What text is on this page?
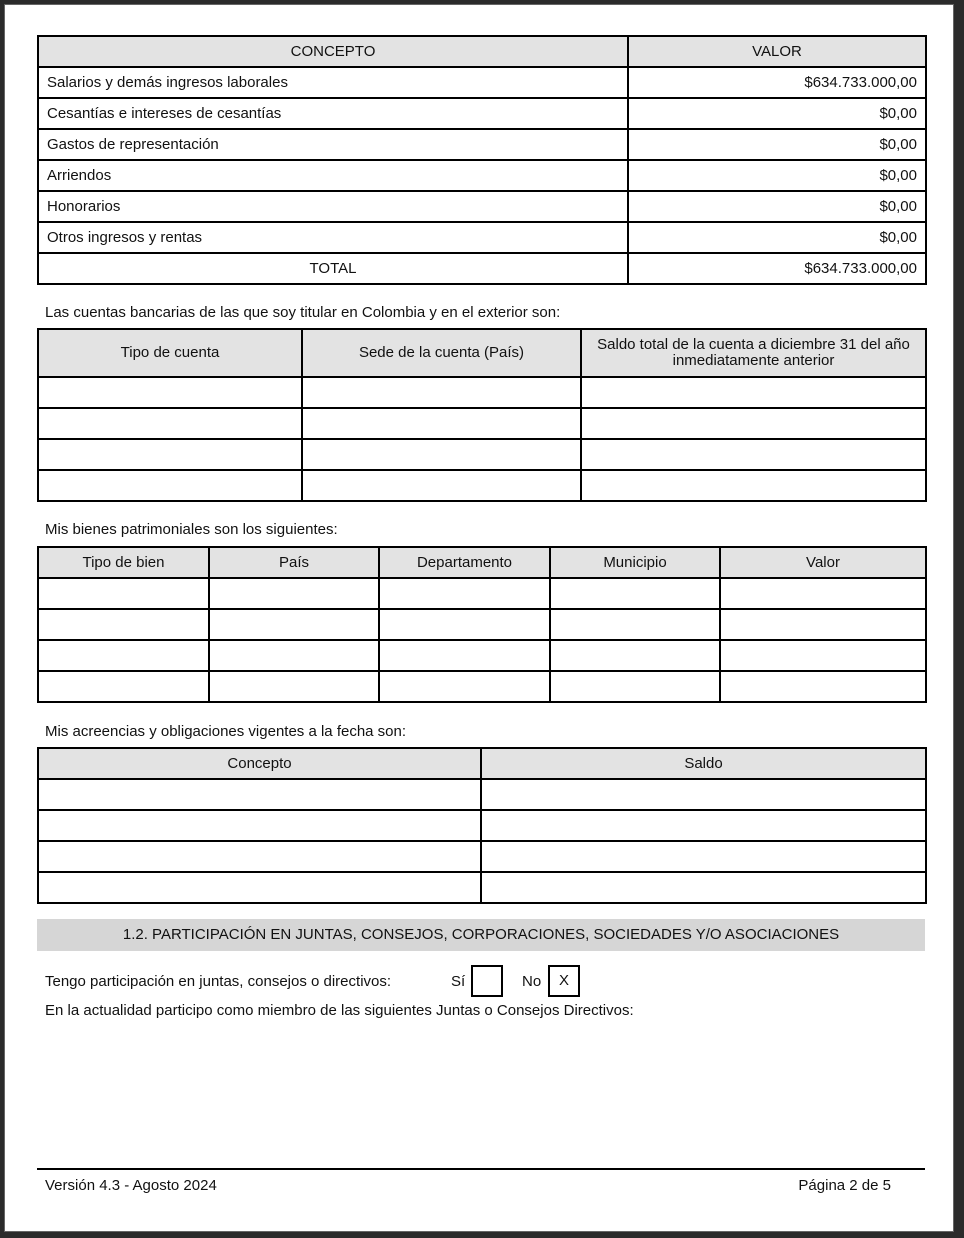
CONCEPTO	VALOR
Salarios y demás ingresos laborales	$634.733.000,00
Cesantías e intereses de cesantías	$0,00
Gastos de representación	$0,00
Arriendos	$0,00
Honorarios	$0,00
Otros ingresos y rentas	$0,00
TOTAL	$634.733.000,00
Las cuentas bancarias de las que soy titular en Colombia y en el exterior son:
Tipo de cuenta	Sede de la cuenta (País)	Saldo total de la cuenta a diciembre 31 del año inmediatamente anterior

Mis bienes patrimoniales son los siguientes:
Tipo de bien	País	Departamento	Municipio	Valor

Mis acreencias y obligaciones vigentes a la fecha son:
Concepto	Saldo

1.2. PARTICIPACIÓN EN JUNTAS, CONSEJOS, CORPORACIONES, SOCIEDADES Y/O ASOCIACIONES
Tengo participación en juntas, consejos o directivos:	Sí	No	X
En la actualidad participo como miembro de las siguientes Juntas o Consejos Directivos:
Versión 4.3 - Agosto 2024	Página 2 de 5
